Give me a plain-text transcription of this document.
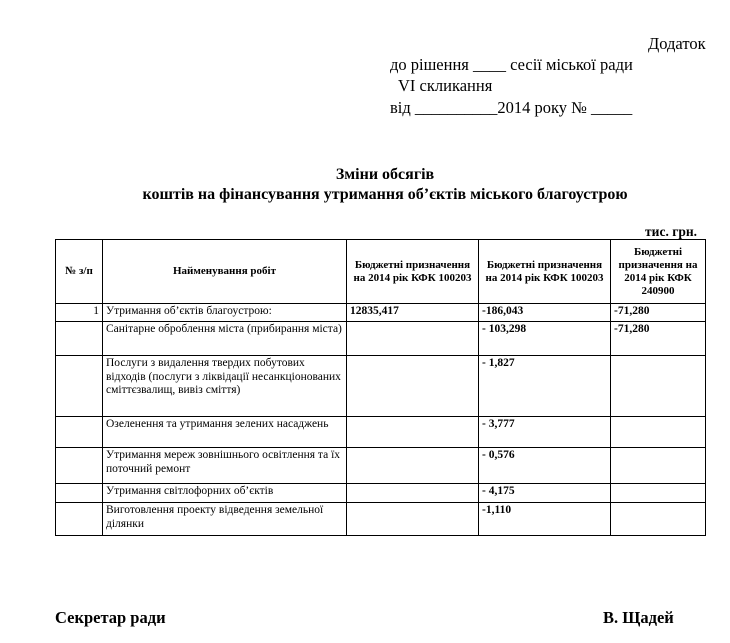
Додаток
до рішення ____ сесії міської ради
VI скликання
від __________2014 року № _____
Зміни обсягів
коштів на фінансування утримання об’єктів міського благоустрою
тис. грн.
№ з/п	Найменування робіт	Бюджетні призначення на 2014 рік КФК 100203	Бюджетні призначення на 2014 рік КФК 100203	Бюджетні призначення на 2014 рік КФК 240900
1	Утримання об’єктів благоустрою:	12835,417	-186,043	-71,280
	Санітарне оброблення міста (прибирання міста)		- 103,298	-71,280
	Послуги з видалення твердих побутових відходів (послуги з ліквідації несанкціонованих сміттєзвалищ, вивіз сміття)		- 1,827	
	Озеленення та утримання зелених насаджень		- 3,777	
	Утримання мереж зовнішнього освітлення та їх поточний ремонт		- 0,576	
	Утримання світлофорних об’єктів		- 4,175	
	Виготовлення проекту відведення земельної ділянки		-1,110	
Секретар ради	В. Щадей
